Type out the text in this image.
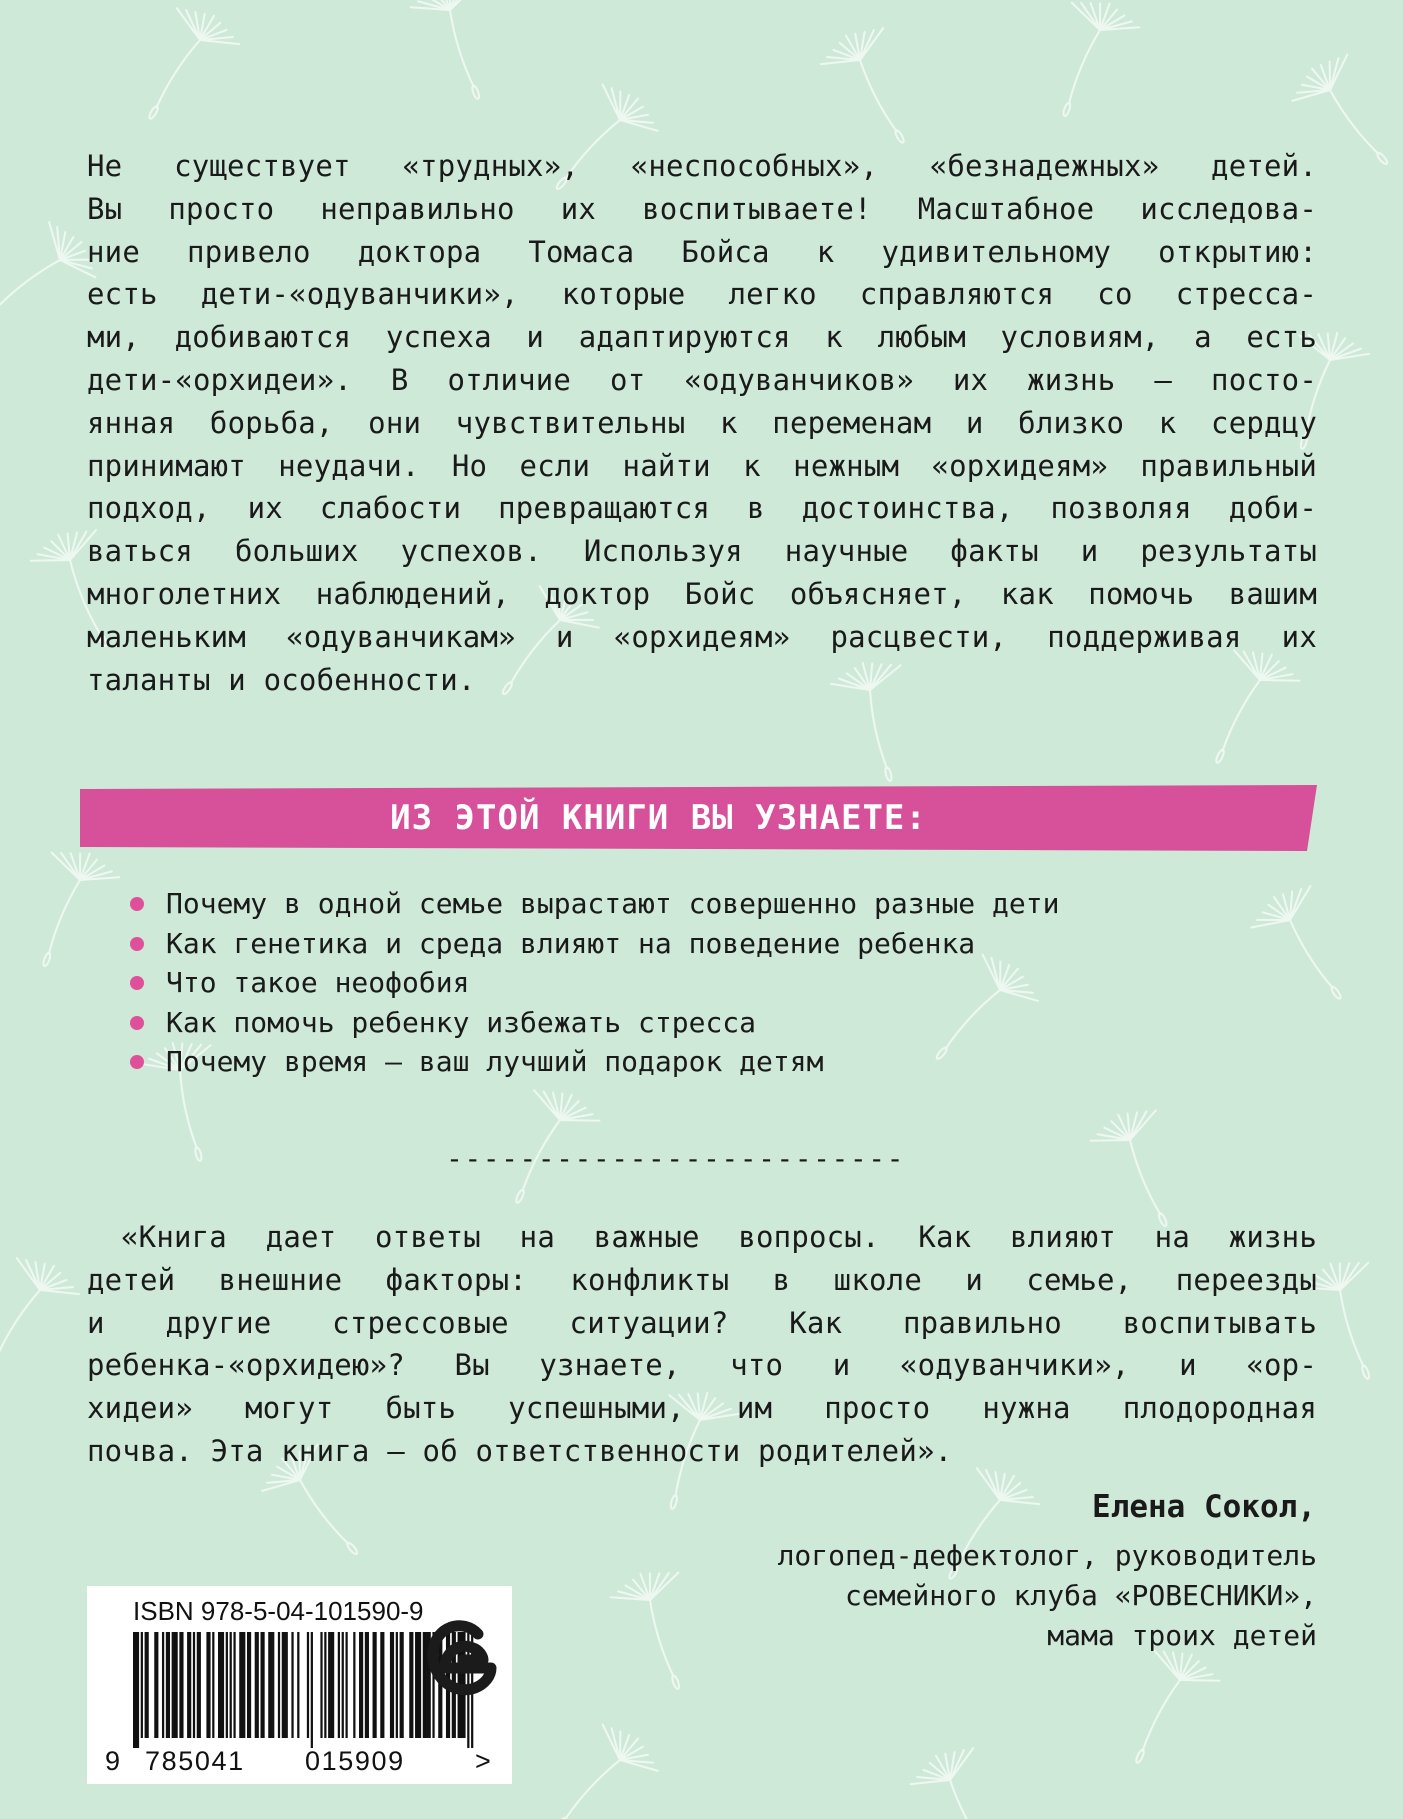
Не существует «трудных», «неспособных», «безнадежных» детей.
Вы просто неправильно их воспитываете! Масштабное исследова-
ние привело доктора Томаса Бойса к удивительному открытию:
есть дети-«одуванчики», которые легко справляются со стресса-
ми, добиваются успеха и адаптируются к любым условиям, а есть
дети-«орхидеи». В отличие от «одуванчиков» их жизнь — посто-
янная борьба, они чувствительны к переменам и близко к сердцу
принимают неудачи. Но если найти к нежным «орхидеям» правильный
подход, их слабости превращаются в достоинства, позволяя доби-
ваться больших успехов. Используя научные факты и результаты
многолетних наблюдений, доктор Бойс объясняет, как помочь вашим
маленьким «одуванчикам» и «орхидеям» расцвести, поддерживая их
таланты и особенности.

ИЗ ЭТОЙ КНИГИ ВЫ УЗНАЕТЕ:
Почему в одной семье вырастают совершенно разные дети
Как генетика и среда влияют на поведение ребенка
Что такое неофобия
Как помочь ребенку избежать стресса
Почему время — ваш лучший подарок детям
-------------------------

«Книга дает ответы на важные вопросы. Как влияют на жизнь
детей внешние факторы: конфликты в школе и семье, переезды
и другие стрессовые ситуации? Как правильно воспитывать
ребенка-«орхидею»? Вы узнаете, что и «одуванчики», и «ор-
хидеи» могут быть успешными, им просто нужна плодородная
почва. Эта книга — об ответственности родителей».

Елена Сокол,
логопед-дефектолог, руководитель
семейного клуба «РОВЕСНИКИ»,
мама троих детей
ISBN 978-5-04-101590-9
9 785041 015909	>
